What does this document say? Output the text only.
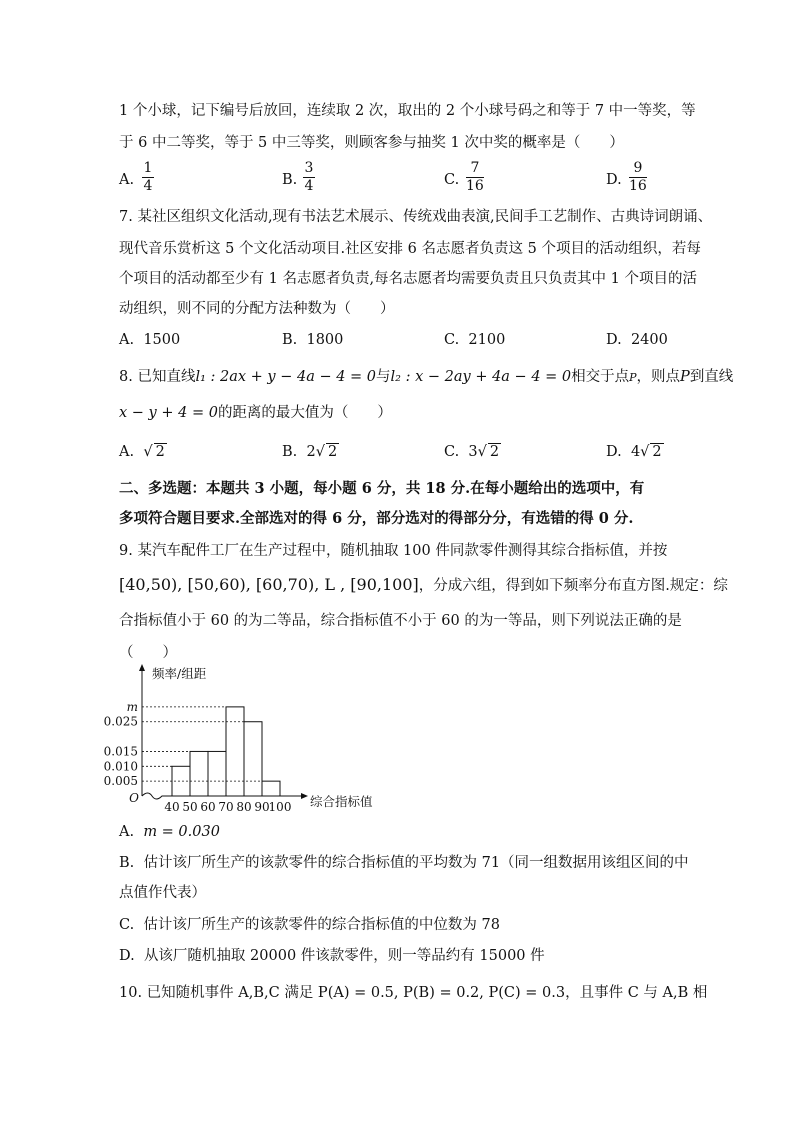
1 个小球，记下编号后放回，连续取 2 次，取出的 2 个小球号码之和等于 7 中一等奖，等
于 6 中二等奖，等于 5 中三等奖，则顾客参与抽奖 1 次中奖的概率是（　　）
A.
1
4	B.
3
4	C.
7
16	D.
9
16
7. 某社区组织文化活动,现有书法艺术展示、传统戏曲表演,民间手工艺制作、古典诗词朗诵、
现代音乐赏析这 5 个文化活动项目.社区安排 6 名志愿者负责这 5 个项目的活动组织，若每
个项目的活动都至少有 1 名志愿者负责,每名志愿者均需要负责且只负责其中 1 个项目的活
动组织，则不同的分配方法种数为（　　）
A. 1500	B. 1800	C. 2100	D. 2400
8. 已知直线l₁ : 2ax + y − 4a − 4 = 0与l₂ : x − 2ay + 4a − 4 = 0相交于点P，则点P到直线
x − y + 4 = 0的距离的最大值为（　　）
A. √ 2	B. 2√ 2	C. 3√ 2	D. 4√ 2
二、多选题：本题共 3 小题，每小题 6 分，共 18 分.在每小题给出的选项中，有
多项符合题目要求.全部选对的得 6 分，部分选对的得部分分，有选错的得 0 分.
9. 某汽车配件工厂在生产过程中，随机抽取 100 件同款零件测得其综合指标值，并按
[40,50), [50,60), [60,70), L , [90,100]，分成六组，得到如下频率分布直方图.规定：综
合指标值小于 60 的为二等品，综合指标值不小于 60 的为一等品，则下列说法正确的是
（　　）
m
0.025
0.015
0.010
0.005
40 50 60 70 80 90
100
O
频率/组距
综合指标值
A. m = 0.030
B. 估计该厂所生产的该款零件的综合指标值的平均数为 71（同一组数据用该组区间的中
点值作代表）
C. 估计该厂所生产的该款零件的综合指标值的中位数为 78
D. 从该厂随机抽取 20000 件该款零件，则一等品约有 15000 件
10. 已知随机事件 A,B,C 满足 P(A) = 0.5, P(B) = 0.2, P(C) = 0.3，且事件 C 与 A,B 相
